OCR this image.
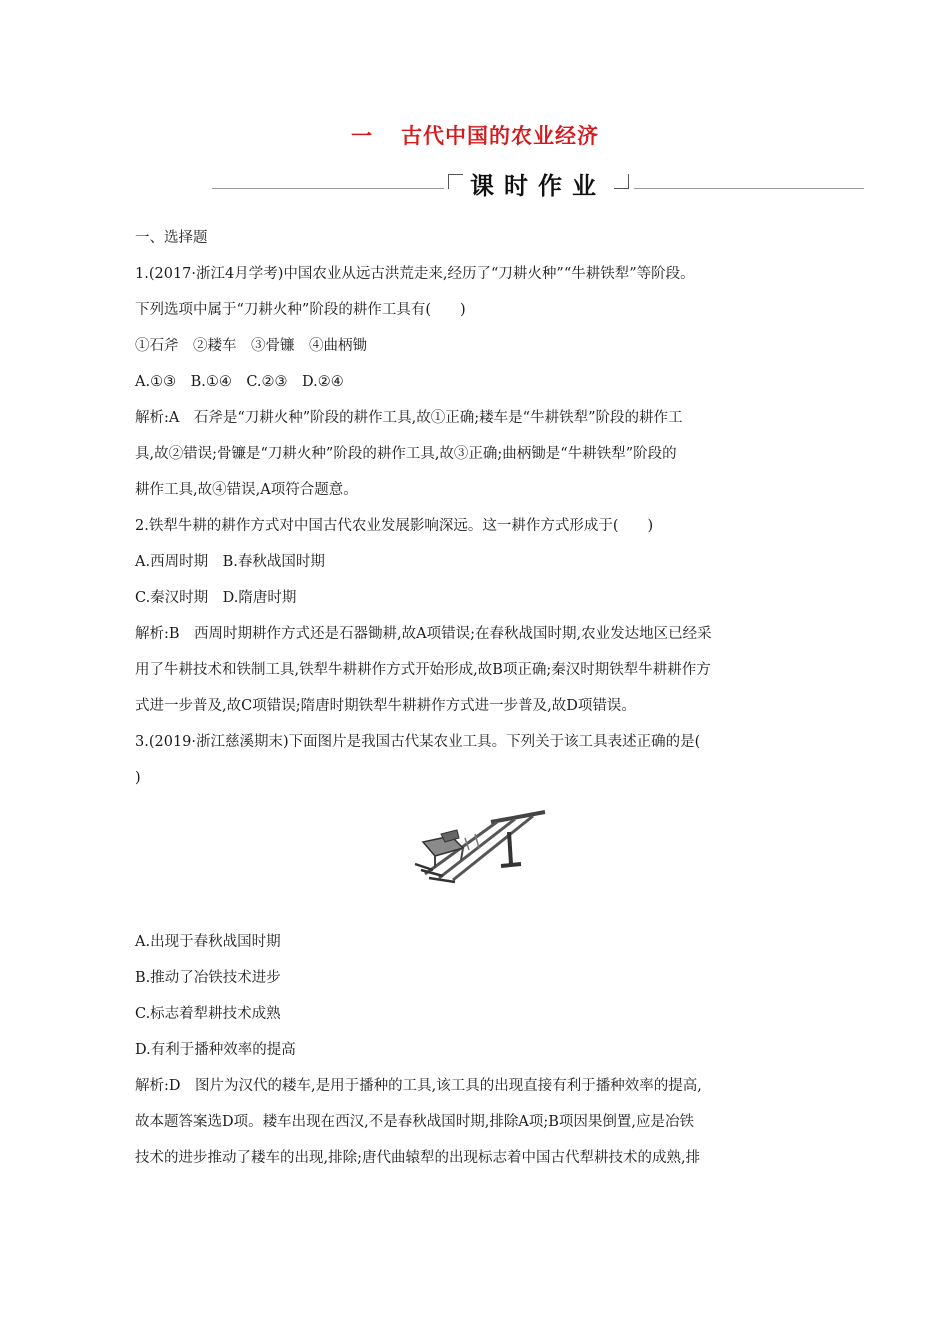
一 古代中国的农业经济
课时作业

一、选择题

1.(2017·浙江4月学考)中国农业从远古洪荒走来,经历了“刀耕火种”“牛耕铁犁”等阶段。

下列选项中属于“刀耕火种”阶段的耕作工具有(　　)

①石斧　②耧车　③骨镰　④曲柄锄

A.①③　B.①④　C.②③　D.②④

解析:A　石斧是“刀耕火种”阶段的耕作工具,故①正确;耧车是“牛耕铁犁”阶段的耕作工

具,故②错误;骨镰是“刀耕火种”阶段的耕作工具,故③正确;曲柄锄是“牛耕铁犁”阶段的

耕作工具,故④错误,A项符合题意。

2.铁犁牛耕的耕作方式对中国古代农业发展影响深远。这一耕作方式形成于(　　)

A.西周时期　B.春秋战国时期

C.秦汉时期　D.隋唐时期

解析:B　西周时期耕作方式还是石器锄耕,故A项错误;在春秋战国时期,农业发达地区已经采

用了牛耕技术和铁制工具,铁犁牛耕耕作方式开始形成,故B项正确;秦汉时期铁犁牛耕耕作方

式进一步普及,故C项错误;隋唐时期铁犁牛耕耕作方式进一步普及,故D项错误。

3.(2019·浙江慈溪期末)下面图片是我国古代某农业工具。下列关于该工具表述正确的是(

)

A.出现于春秋战国时期

B.推动了冶铁技术进步

C.标志着犁耕技术成熟

D.有利于播种效率的提高

解析:D　图片为汉代的耧车,是用于播种的工具,该工具的出现直接有利于播种效率的提高,

故本题答案选D项。耧车出现在西汉,不是春秋战国时期,排除A项;B项因果倒置,应是冶铁

技术的进步推动了耧车的出现,排除;唐代曲辕犁的出现标志着中国古代犁耕技术的成熟,排
